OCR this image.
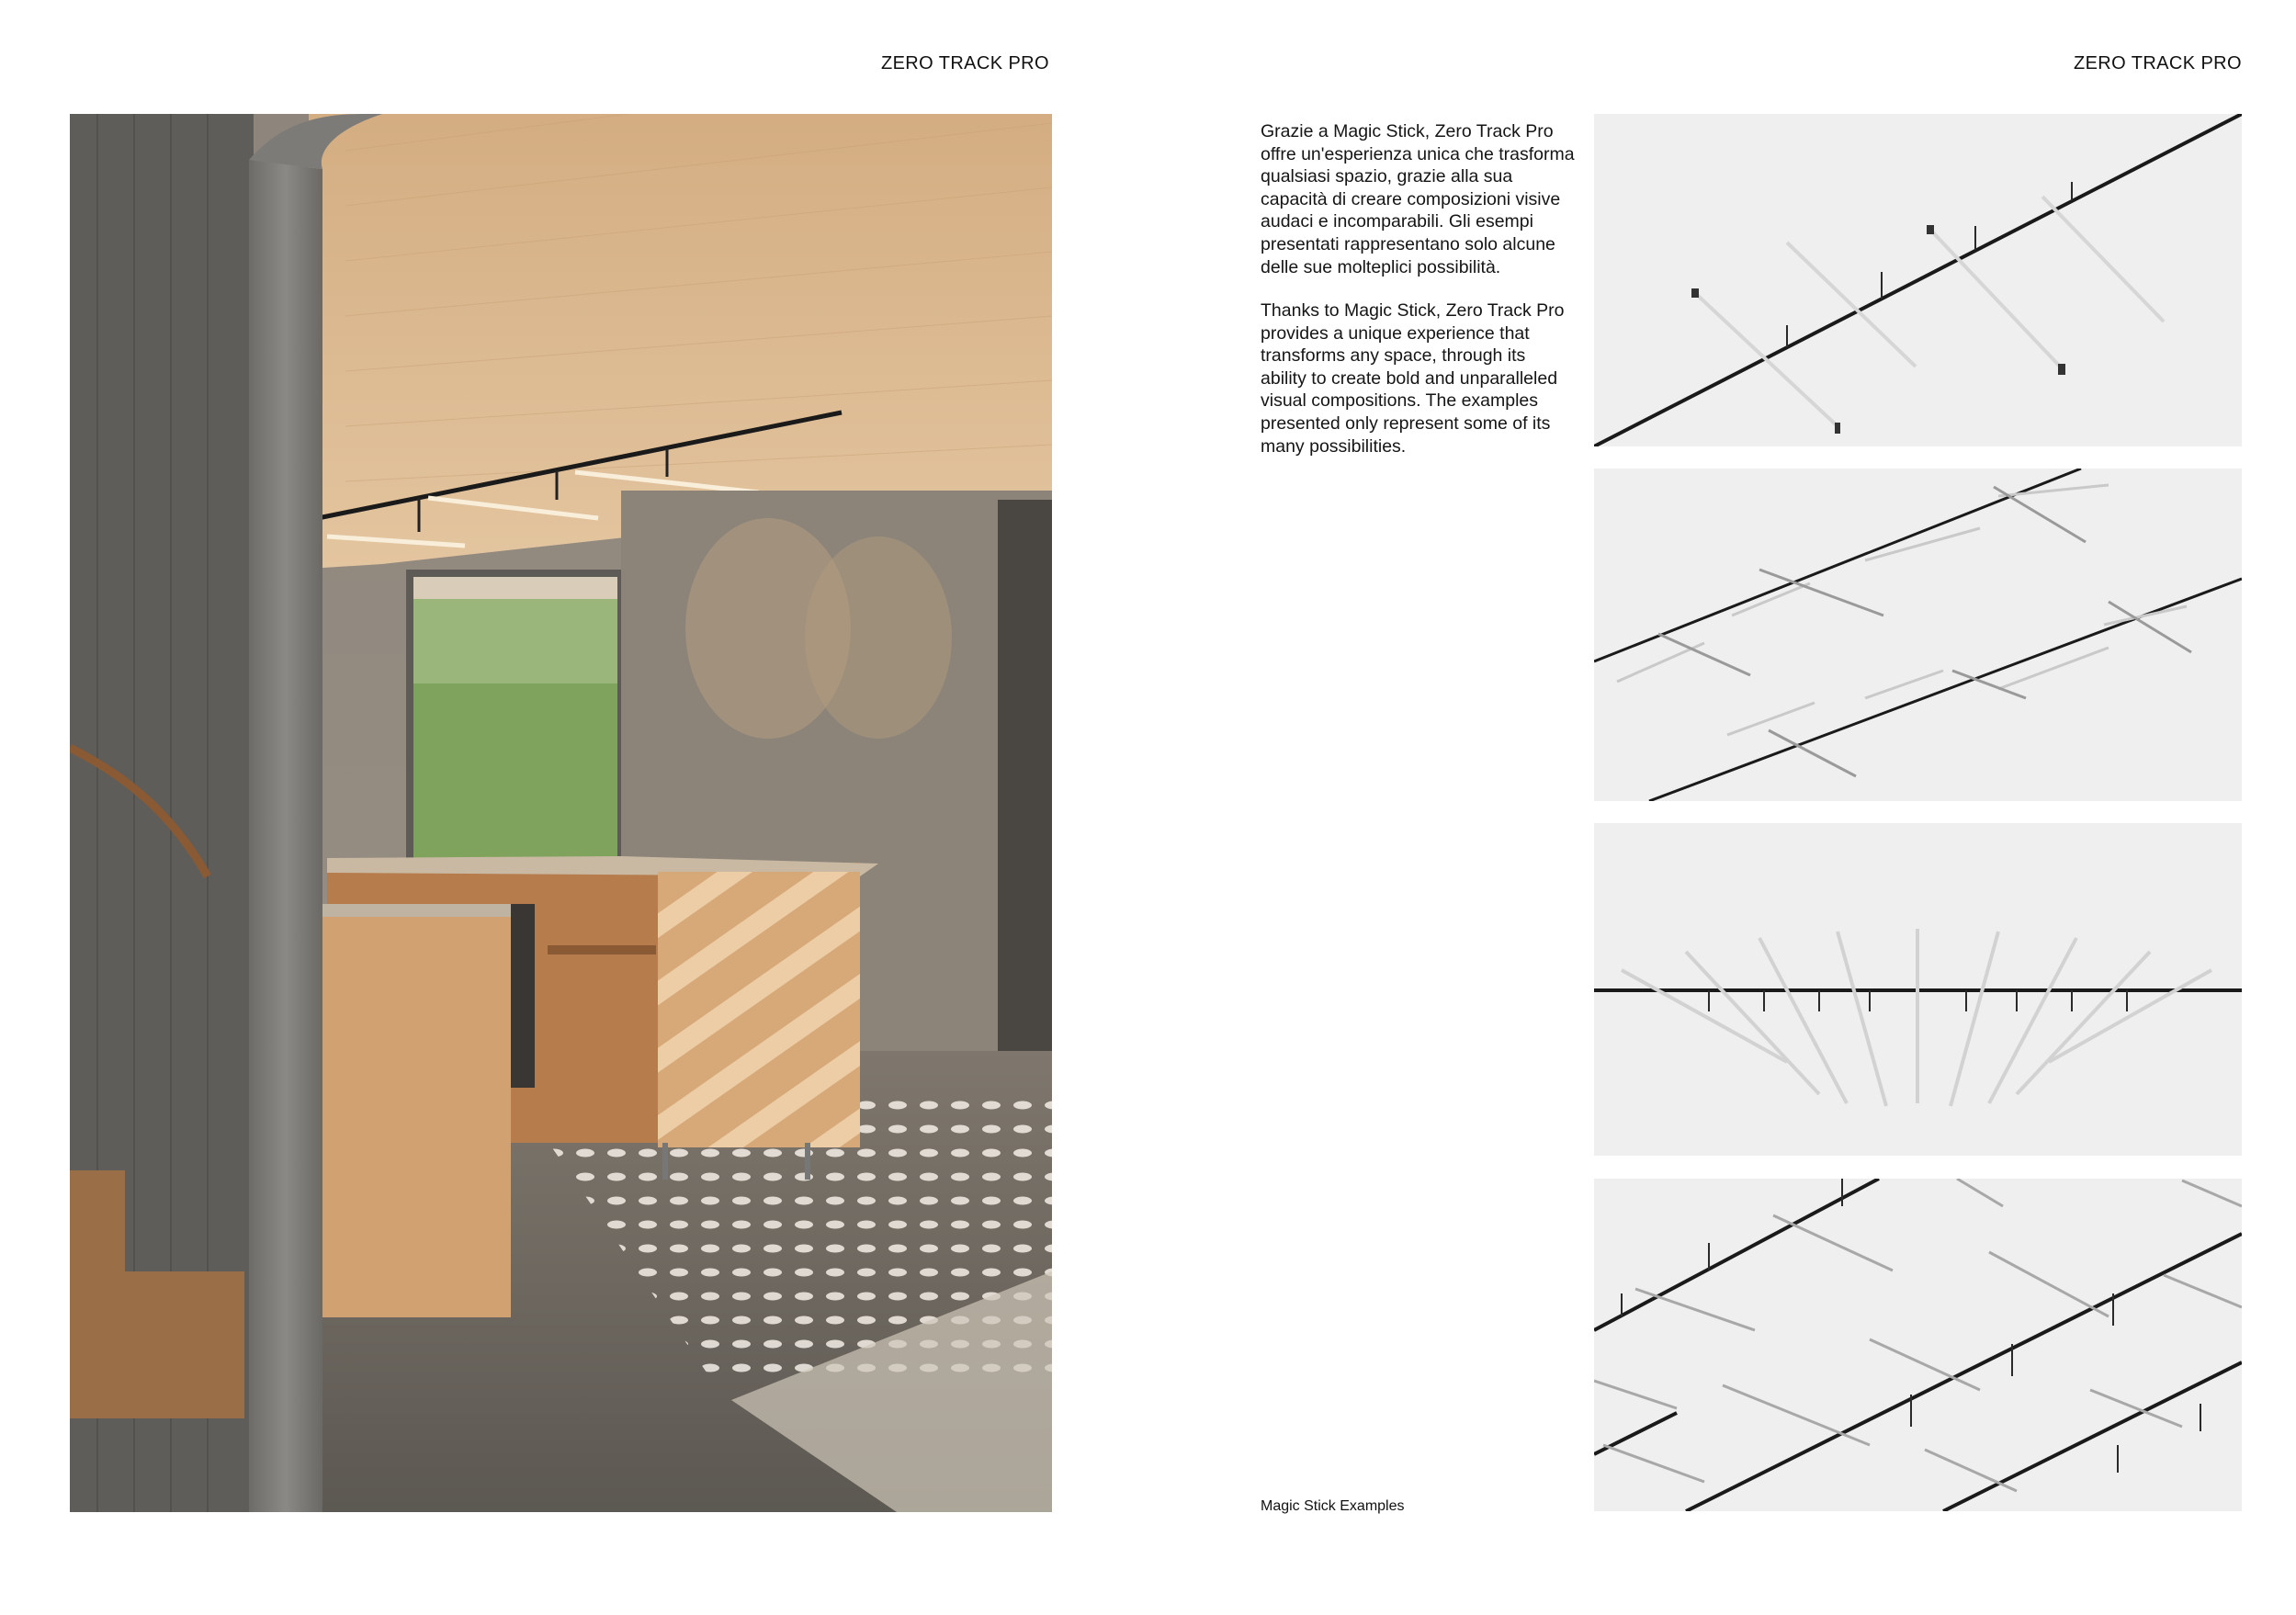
ZERO TRACK PRO	ZERO TRACK PRO

Grazie a Magic Stick, Zero Track Pro offre un'esperienza unica che trasforma qualsiasi spazio, grazie alla sua capacità di creare composizioni visive audaci e incomparabili. Gli esempi presentati rappresentano solo alcune delle sue molteplici possibilità.

Thanks to Magic Stick, Zero Track Pro provides a unique experience that transforms any space, through its ability to create bold and unparalleled visual compositions. The examples presented only represent some of its many possibilities.

Magic Stick Examples
